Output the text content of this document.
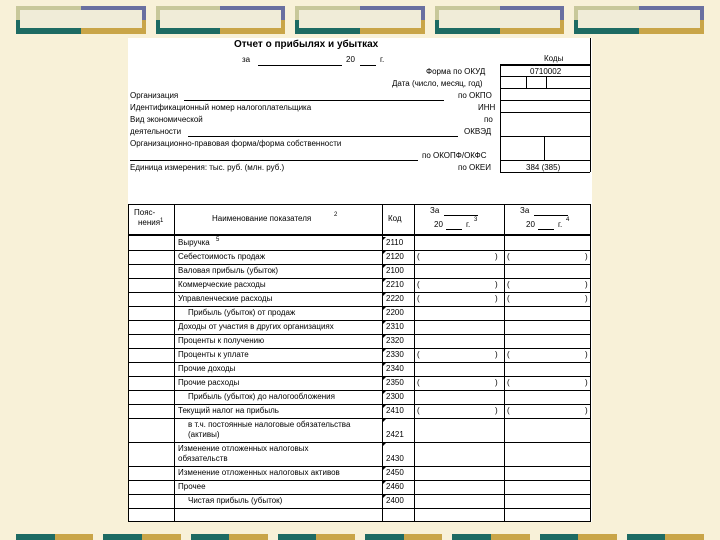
Отчет о прибылях и убытках
за	20	г.	Коды
Форма по ОКУД	0710002
Дата (число, месяц, год)
по ОКПО
ИНН
по
ОКВЭД
по ОКОПФ/ОКФС
по ОКЕИ	384 (385)
Организация
Идентификационный номер налогоплательщика
Вид экономической
деятельности
Организационно-правовая форма/форма собственности
Единица измерения: тыс. руб. (млн. руб.)
Пояс-
нения 1	Наименование показателя	2	Код
За
20	г. 3
За
20	г. 4
Выручка 5	2110
Себестоимость продаж	2120 (	) (	)
Валовая прибыль (убыток)	2100
Коммерческие расходы	2210 (	) (	)
Управленческие расходы	2220 (	) (	)
Прибыль (убыток) от продаж	2200
Доходы от участия в других организациях	2310
Проценты к получению	2320
Проценты к уплате	2330 (	) (	)
Прочие доходы	2340
Прочие расходы	2350 (	) (	)
Прибыль (убыток) до налогообложения	2300
Текущий налог на прибыль	2410 (	) (	)
в т.ч. постоянные налоговые обязательства
(активы)	2421
Изменение отложенных налоговых
обязательств	2430
Изменение отложенных налоговых активов	2450
Прочее	2460
Чистая прибыль (убыток)	2400
